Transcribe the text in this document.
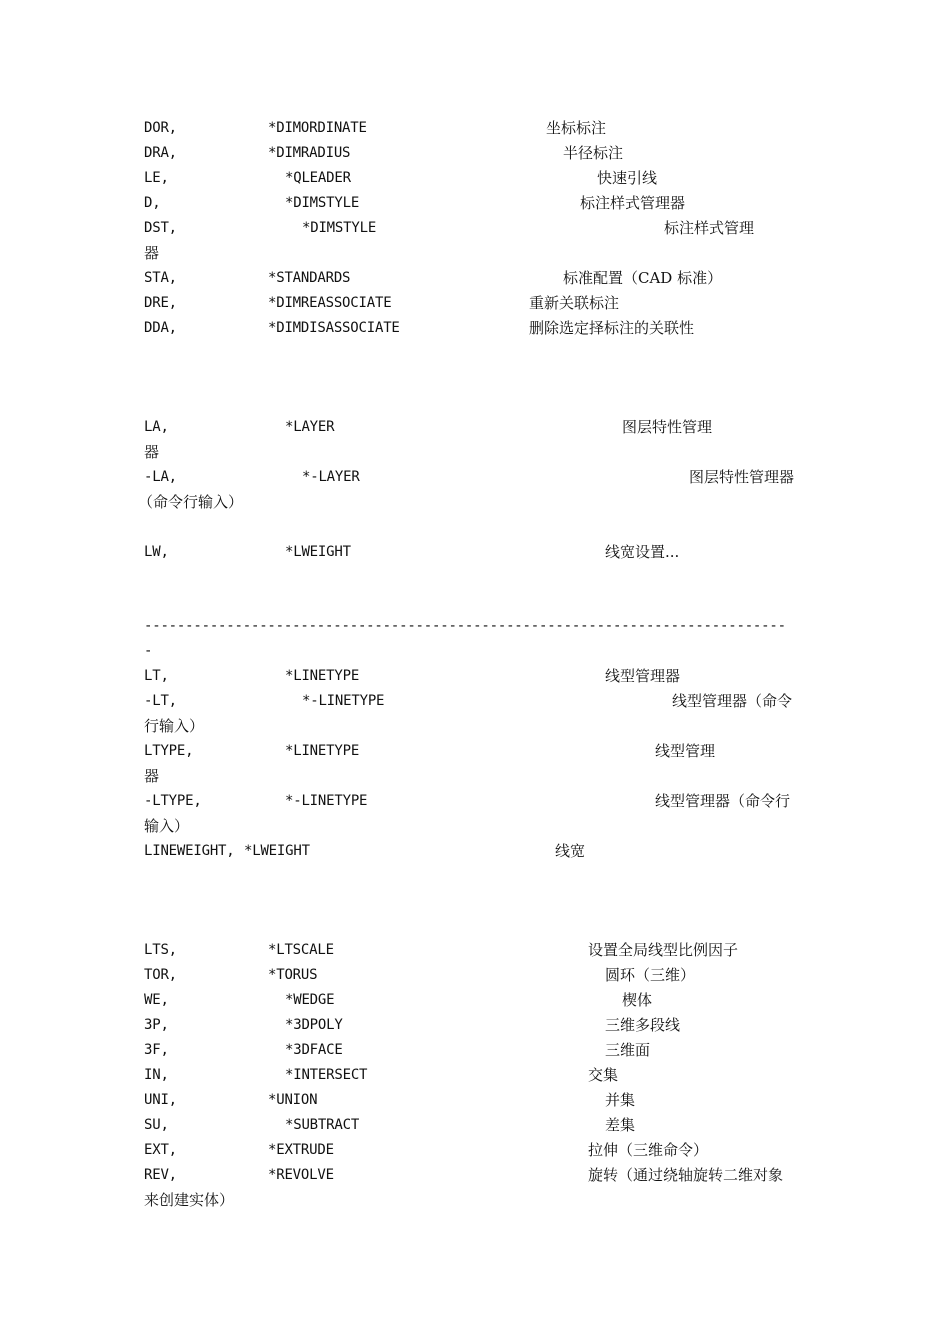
DOR,	*DIMORDINATE	坐标标注
DRA,	*DIMRADIUS	半径标注
LE,	*QLEADER	快速引线
D,	*DIMSTYLE	标注样式管理器
DST,	*DIMSTYLE	标注样式管理
器
STA,	*STANDARDS	标准配置（CAD 标准）
DRE,	*DIMREASSOCIATE	重新关联标注
DDA,	*DIMDISASSOCIATE	删除选定择标注的关联性
LA,	*LAYER	图层特性管理
器
-LA,	*-LAYER	图层特性管理器
（命令行输入）
LW,	*LWEIGHT	线宽设置...
------------------------------------------------------------------------------
-
LT,	*LINETYPE	线型管理器
-LT,	*-LINETYPE	线型管理器（命令
行输入）
LTYPE,	*LINETYPE	线型管理
器
-LTYPE,	*-LINETYPE	线型管理器（命令行
输入）
LINEWEIGHT, *LWEIGHT	线宽
LTS,	*LTSCALE	设置全局线型比例因子
TOR,	*TORUS	圆环（三维）
WE,	*WEDGE	楔体
3P,	*3DPOLY	三维多段线
3F,	*3DFACE	三维面
IN,	*INTERSECT	交集
UNI,	*UNION	并集
SU,	*SUBTRACT	差集
EXT,	*EXTRUDE	拉伸（三维命令）
REV,	*REVOLVE	旋转（通过绕轴旋转二维对象
来创建实体）
